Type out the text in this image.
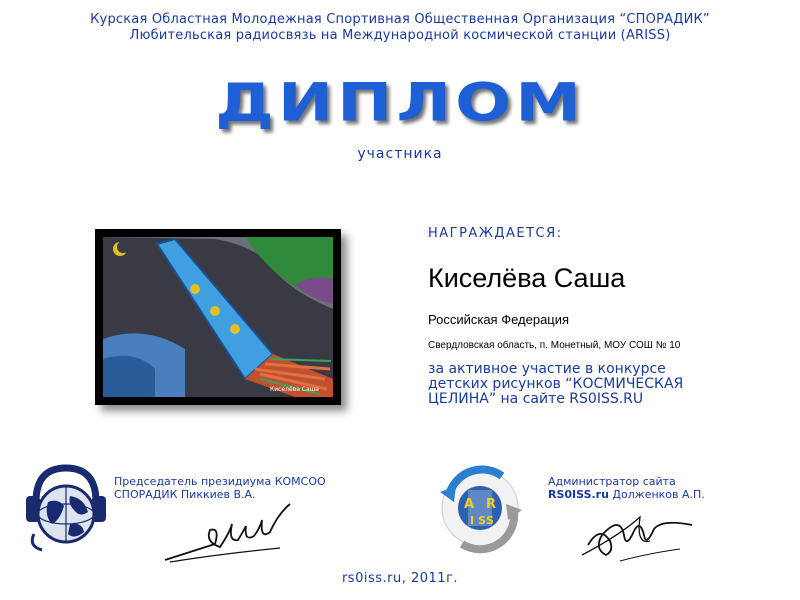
Курская Областная Молодежная Спортивная Общественная Организация “СПОРАДИК”
Любительская радиосвязь на Международной космической станции (ARISS)
ДИПЛОМ
участника
Киселёва Саша
НАГРАЖДАЕТСЯ:
Киселёва Саша
Российская Федерация
Свердловская область, п. Монетный, МОУ СОШ № 10
за активное участие в конкурсе
детских рисунков “КОСМИЧЕСКАЯ
ЦЕЛИНА” на сайте RS0ISS.RU
Председатель президиума КОМСОО
СПОРАДИК Пиккиев В.А.
A R
I S S
Администратор сайта
RS0ISS.ru Долженков А.П.
rs0iss.ru, 2011г.
